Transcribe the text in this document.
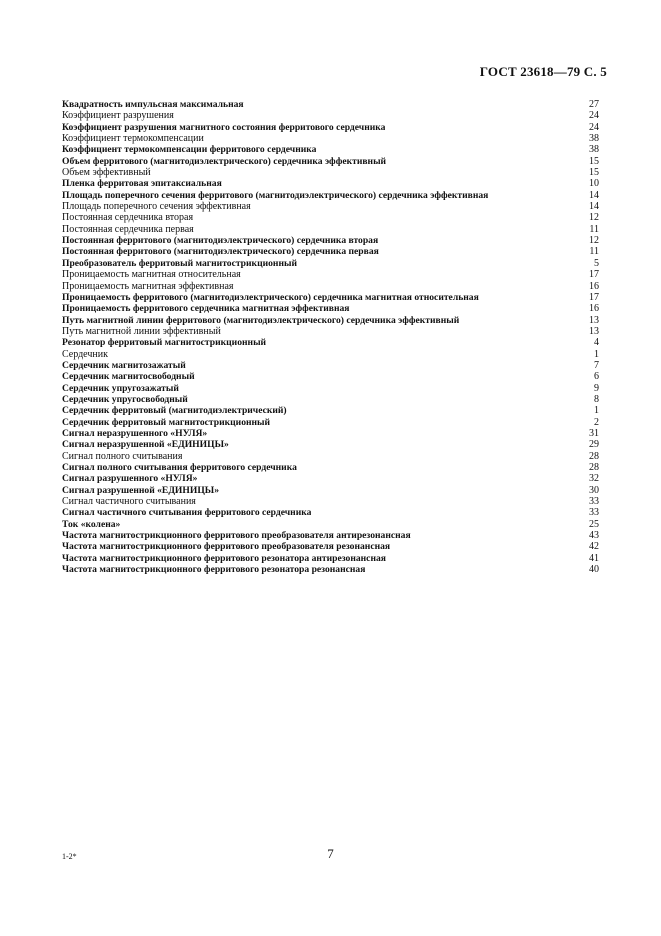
ГОСТ 23618—79 С. 5
Квадратность импульсная максимальная	27
Коэффициент разрушения	24
Коэффициент разрушения магнитного состояния ферритового сердечника	24
Коэффициент термокомпенсации	38
Коэффициент термокомпенсации ферритового сердечника	38
Объем ферритового (магнитодиэлектрического) сердечника эффективный	15
Объем эффективный	15
Пленка ферритовая эпитаксиальная	10
Площадь поперечного сечения ферритового (магнитодиэлектрического) сердечника эффективная	14
Площадь поперечного сечения эффективная	14
Постоянная сердечника вторая	12
Постоянная сердечника первая	11
Постоянная ферритового (магнитодиэлектрического) сердечника вторая	12
Постоянная ферритового (магнитодиэлектрического) сердечника первая	11
Преобразователь ферритовый магнитострикционный	5
Проницаемость магнитная относительная	17
Проницаемость магнитная эффективная	16
Проницаемость ферритового (магнитодиэлектрического) сердечника магнитная относительная	17
Проницаемость ферритового сердечника магнитная эффективная	16
Путь магнитной линии ферритового (магнитодиэлектрического) сердечника эффективный	13
Путь магнитной линии эффективный	13
Резонатор ферритовый магнитострикционный	4
Сердечник	1
Сердечник магнитозажатый	7
Сердечник магнитосвободный	6
Сердечник упругозажатый	9
Сердечник упругосвободный	8
Сердечник ферритовый (магнитодиэлектрический)	1
Сердечник ферритовый магнитострикционный	2
Сигнал неразрушенного «НУЛЯ»	31
Сигнал неразрушенной «ЕДИНИЦЫ»	29
Сигнал полного считывания	28
Сигнал полного считывания ферритового сердечника	28
Сигнал разрушенного «НУЛЯ»	32
Сигнал разрушенной «ЕДИНИЦЫ»	30
Сигнал частичного считывания	33
Сигнал частичного считывания ферритового сердечника	33
Ток «колена»	25
Частота магнитострикционного ферритового преобразователя антирезонансная	43
Частота магнитострикционного ферритового преобразователя резонансная	42
Частота магнитострикционного ферритового резонатора антирезонансная	41
Частота магнитострикционного ферритового резонатора резонансная	40
1-2*	7
